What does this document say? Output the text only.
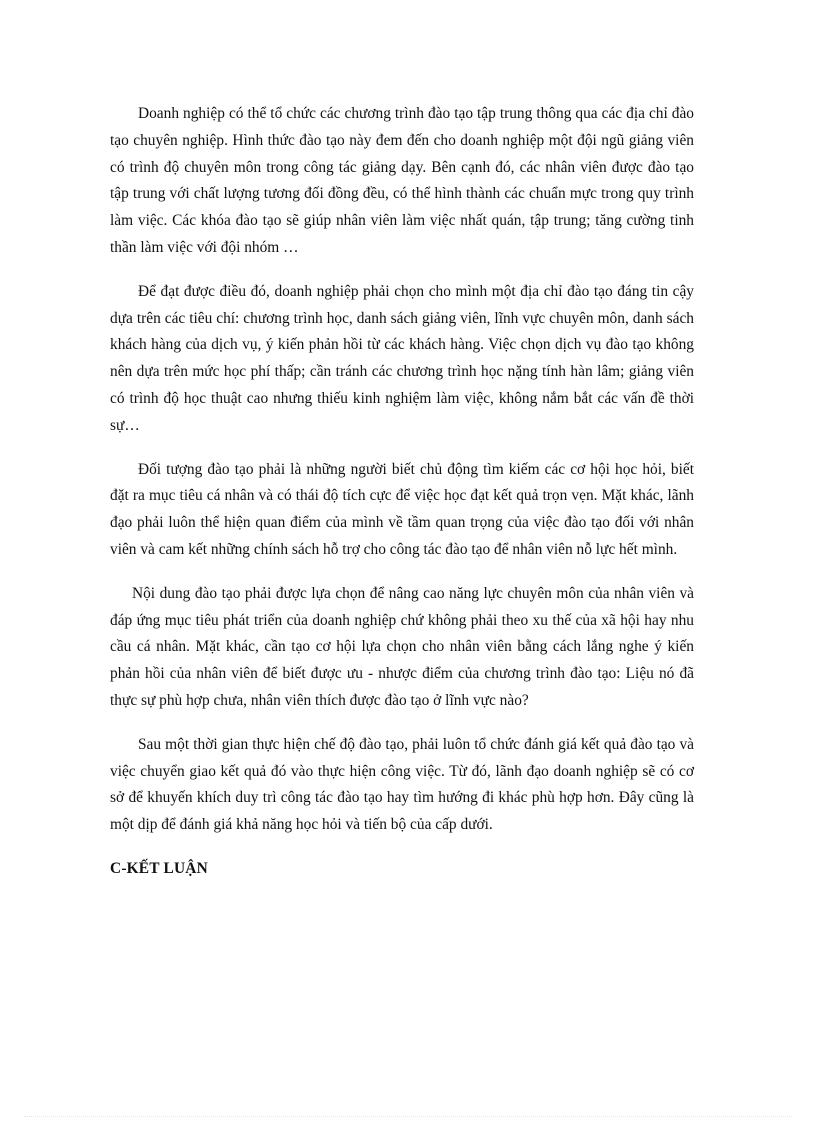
Doanh nghiệp có thể tổ chức các chương trình đào tạo tập trung thông qua các địa chỉ đào tạo chuyên nghiệp. Hình thức đào tạo này đem đến cho doanh nghiệp một đội ngũ giảng viên có trình độ chuyên môn trong công tác giảng dạy. Bên cạnh đó, các nhân viên được đào tạo tập trung với chất lượng tương đối đồng đều, có thể hình thành các chuẩn mực trong quy trình làm việc. Các khóa đào tạo sẽ giúp nhân viên làm việc nhất quán, tập trung; tăng cường tinh thần làm việc với đội nhóm …

Để đạt được điều đó, doanh nghiệp phải chọn cho mình một địa chỉ đào tạo đáng tin cậy dựa trên các tiêu chí: chương trình học, danh sách giảng viên, lĩnh vực chuyên môn, danh sách khách hàng của dịch vụ, ý kiến phản hồi từ các khách hàng. Việc chọn dịch vụ đào tạo không nên dựa trên mức học phí thấp; cần tránh các chương trình học nặng tính hàn lâm; giảng viên có trình độ học thuật cao nhưng thiếu kinh nghiệm làm việc, không nắm bắt các vấn đề thời sự…

Đối tượng đào tạo phải là những người biết chủ động tìm kiếm các cơ hội học hỏi, biết đặt ra mục tiêu cá nhân và có thái độ tích cực để việc học đạt kết quả trọn vẹn. Mặt khác, lãnh đạo phải luôn thể hiện quan điểm của mình về tầm quan trọng của việc đào tạo đối với nhân viên và cam kết những chính sách hỗ trợ cho công tác đào tạo để nhân viên nỗ lực hết mình.

Nội dung đào tạo phải được lựa chọn để nâng cao năng lực chuyên môn của nhân viên và đáp ứng mục tiêu phát triển của doanh nghiệp chứ không phải theo xu thế của xã hội hay nhu cầu cá nhân. Mặt khác, cần tạo cơ hội lựa chọn cho nhân viên bằng cách lắng nghe ý kiến phản hồi của nhân viên để biết được ưu - nhược điểm của chương trình đào tạo: Liệu nó đã thực sự phù hợp chưa, nhân viên thích được đào tạo ở lĩnh vực nào?

Sau một thời gian thực hiện chế độ đào tạo, phải luôn tổ chức đánh giá kết quả đào tạo và việc chuyển giao kết quả đó vào thực hiện công việc. Từ đó, lãnh đạo doanh nghiệp sẽ có cơ sở để khuyến khích duy trì công tác đào tạo hay tìm hướng đi khác phù hợp hơn. Đây cũng là một dịp để đánh giá khả năng học hỏi và tiến bộ của cấp dưới.

C-KẾT LUẬN
